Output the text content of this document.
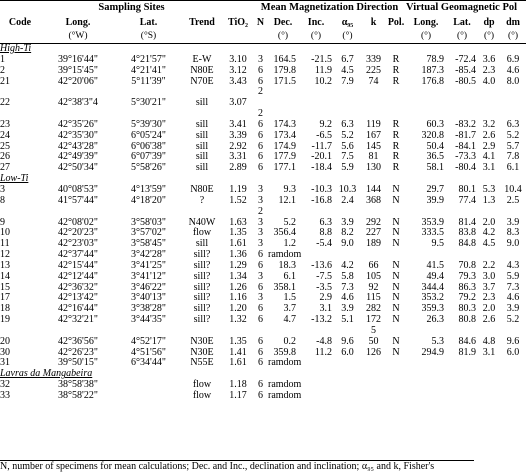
	Sampling Sites				Mean Magnetization Direction						Virtual Geomagnetic Pol			
Code	Long.	Lat.	Trend	TiO₂	N	Dec.	Inc.	α₉₅	k	Pol.	Long.	Lat.	dp	dm
	(°W)	(°S)				(°)	(°)	(°)			(°)	(°)	(°)	(°)
High-Ti														
1	39°16'44"	4°21'57"	E-W	3.10	3	164.5	-21.5	6.7	339	R	78.9	-72.4	3.6	6.9
2	39°15'45"	4°21'41"	N80E	3.12	6	179.8	11.9	4.5	225	R	187.3	-85.4	2.3	4.6
21	42°20'06"	5°11'39"	N70E	3.43	6	171.5	10.2	7.9	74	R	176.8	-80.5	4.0	8.0
					2									
22	42°38'3"4	5°30'21"	sill	3.07										
					2									
23	42°35'26"	5°39'30"	sill	3.41	6	174.3	9.2	6.3	119	R	60.3	-83.2	3.2	6.3
24	42°35'30"	6°05'24"	sill	3.39	6	173.4	-6.5	5.2	167	R	320.8	-81.7	2.6	5.2
25	42°43'28"	6°06'38"	sill	2.92	6	174.9	-11.7	5.6	145	R	50.4	-84.1	2.9	5.7
26	42°49'39"	6°07'39"	sill	3.31	6	177.9	-20.1	7.5	81	R	36.5	-73.3	4.1	7.8
27	42°50'34"	5°58'26"	sill	2.89	6	177.1	-18.4	5.9	130	R	58.1	-80.4	3.1	6.1
Low-Ti														
3	40°08'53"	4°13'59"	N80E	1.19	3	9.3	-10.3	10.3	144	N	29.7	80.1	5.3	10.4
8	41°57'44"	4°18'20"	?	1.52	3	12.1	-16.8	2.4	368	N	39.9	77.4	1.3	2.5
					2									
9	42°08'02"	3°58'03"	N40W	1.63	3	5.2	6.3	3.9	292	N	353.9	81.4	2.0	3.9
10	42°20'23"	3°57'02"	flow	1.35	3	356.4	8.8	8.2	227	N	333.5	83.8	4.2	8.3
11	42°23'03"	3°58'45"	sill	1.61	3	1.2	-5.4	9.0	189	N	9.5	84.8	4.5	9.0
12	42°37'44"	3°42'28"	sill?	1.36	6	ramdom								
13	42°15'44"	3°41'25"	sill?	1.29	6	18.3	-13.6	4.2	66	N	41.5	70.8	2.2	4.3
14	42°12'44"	3°41'12"	sill?	1.34	3	6.1	-7.5	5.8	105	N	49.4	79.3	3.0	5.9
15	42°36'32"	3°46'22"	sill?	1.26	6	358.1	-3.5	7.3	92	N	344.4	86.3	3.7	7.3
17	42°13'42"	3°40'13"	sill?	1.16	3	1.5	2.9	4.6	115	N	353.2	79.2	2.3	4.6
18	42°16'44"	3°38'28"	sill?	1.20	6	3.7	3.1	3.9	282	N	359.3	80.3	2.0	3.9
19	42°32'21"	3°44'35"	sill?	1.32	6	4.7	-13.2	5.1	172	N	26.3	80.8	2.6	5.2
									5					
20	42°36'56"	4°52'17"	N30E	1.35	6	0.2	-4.8	9.6	50	N	5.3	84.6	4.8	9.6
30	42°26'23"	4°51'56"	N30E	1.41	6	359.8	11.2	6.0	126	N	294.9	81.9	3.1	6.0
31	39°50'15"	6°34'44"	N55E	1.61	6	ramdom								
Lavras da Mangabeira														
32	38°58'38"		flow	1.18	6	ramdom								
33	38°58'22"		flow	1.17	6	ramdom								
N, number of specimens for mean calculations; Dec. and Inc., declination and inclination; α₉₅ and k, Fisher's
